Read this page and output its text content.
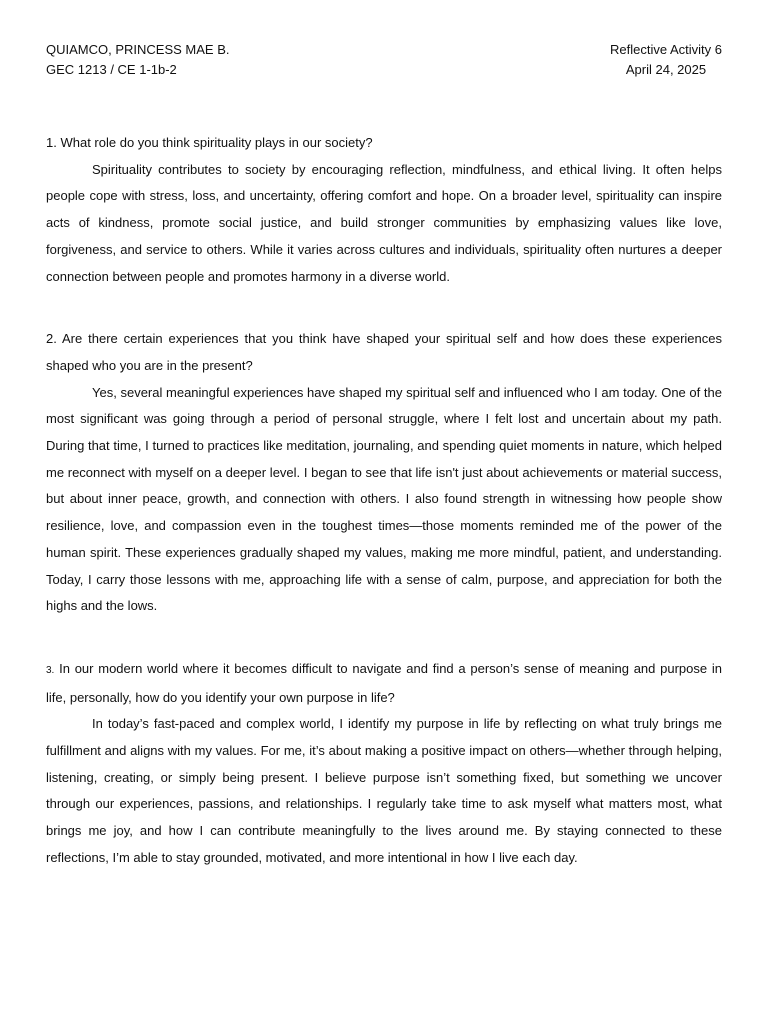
QUIAMCO, PRINCESS MAE B.
GEC 1213 / CE 1-1b-2
Reflective Activity 6
April 24, 2025
1. What role do you think spirituality plays in our society?
Spirituality contributes to society by encouraging reflection, mindfulness, and ethical living. It often helps people cope with stress, loss, and uncertainty, offering comfort and hope. On a broader level, spirituality can inspire acts of kindness, promote social justice, and build stronger communities by emphasizing values like love, forgiveness, and service to others. While it varies across cultures and individuals, spirituality often nurtures a deeper connection between people and promotes harmony in a diverse world.
2. Are there certain experiences that you think have shaped your spiritual self and how does these experiences shaped who you are in the present?
Yes, several meaningful experiences have shaped my spiritual self and influenced who I am today. One of the most significant was going through a period of personal struggle, where I felt lost and uncertain about my path. During that time, I turned to practices like meditation, journaling, and spending quiet moments in nature, which helped me reconnect with myself on a deeper level. I began to see that life isn't just about achievements or material success, but about inner peace, growth, and connection with others. I also found strength in witnessing how people show resilience, love, and compassion even in the toughest times—those moments reminded me of the power of the human spirit. These experiences gradually shaped my values, making me more mindful, patient, and understanding. Today, I carry those lessons with me, approaching life with a sense of calm, purpose, and appreciation for both the highs and the lows.
3. In our modern world where it becomes difficult to navigate and find a person’s sense of meaning and purpose in life, personally, how do you identify your own purpose in life?
In today’s fast-paced and complex world, I identify my purpose in life by reflecting on what truly brings me fulfillment and aligns with my values. For me, it’s about making a positive impact on others—whether through helping, listening, creating, or simply being present. I believe purpose isn’t something fixed, but something we uncover through our experiences, passions, and relationships. I regularly take time to ask myself what matters most, what brings me joy, and how I can contribute meaningfully to the lives around me. By staying connected to these reflections, I’m able to stay grounded, motivated, and more intentional in how I live each day.
